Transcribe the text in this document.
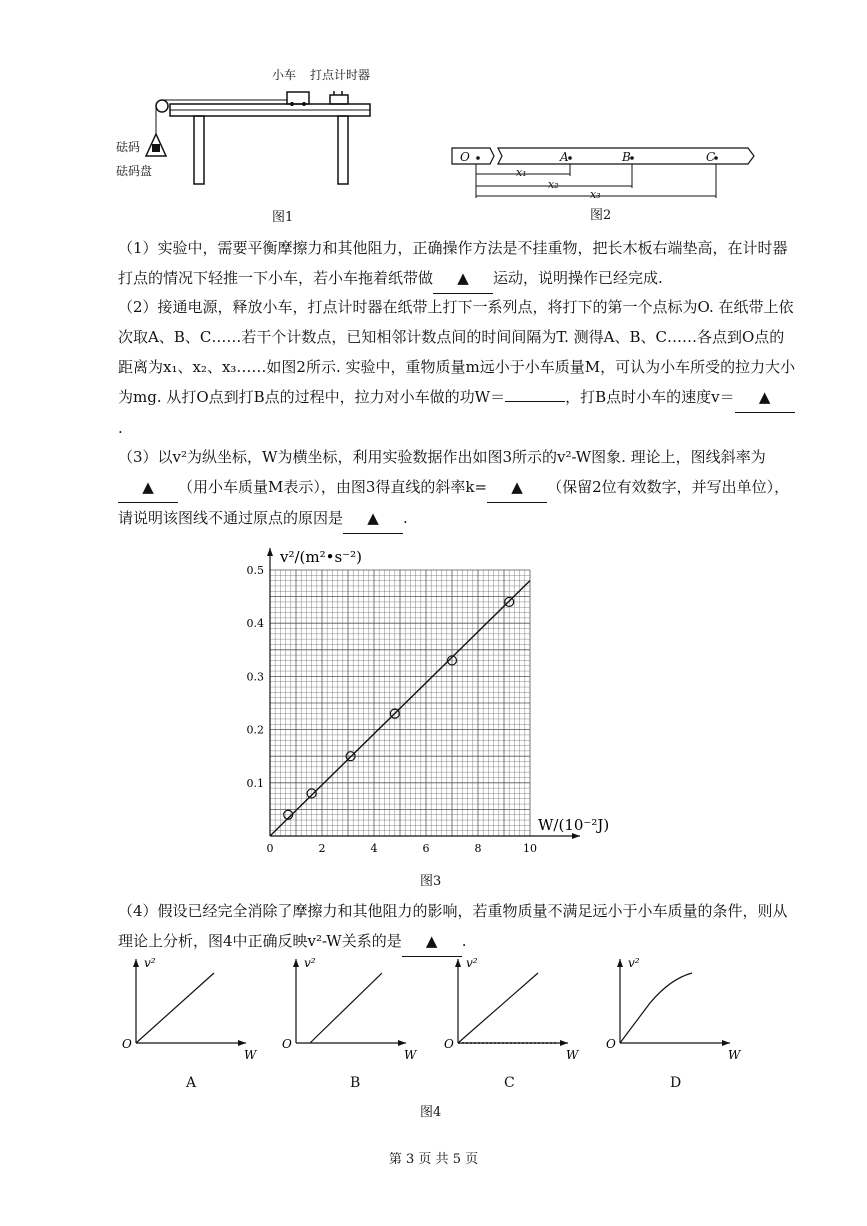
小车 打点计时器
砝码
砝码盘
图1
O	A	B	C
x₁
x₂
x₃
图2
（1）实验中，需要平衡摩擦力和其他阻力，正确操作方法是不挂重物，把长木板右端垫高，在计时器打点的情况下轻推一下小车，若小车拖着纸带做 ▲ 运动，说明操作已经完成.
（2）接通电源，释放小车，打点计时器在纸带上打下一系列点，将打下的第一个点标为O. 在纸带上依次取A、B、C……若干个计数点，已知相邻计数点间的时间间隔为T. 测得A、B、C……各点到O点的距离为x₁、x₂、x₃……如图2所示. 实验中，重物质量m远小于小车质量M，可认为小车所受的拉力大小为mg. 从打O点到打B点的过程中，拉力对小车做的功W＝	，打B点时小车的速度v＝ ▲.
（3）以v²为纵坐标，W为横坐标，利用实验数据作出如图3所示的v²-W图象. 理论上，图线斜率为▲ （用小车质量M表示），由图3得直线的斜率k= ▲ （保留2位有效数字，并写出单位），请说明该图线不通过原点的原因是 ▲ .
0	2	4	6	8	10
0.1
0.2
0.3
0.4
0.5
W/(10⁻²J)
v²/(m²•s⁻²)
图3
（4）假设已经完全消除了摩擦力和其他阻力的影响，若重物质量不满足远小于小车质量的条件，则从理论上分析，图4中正确反映v²-W关系的是 ▲ .
O
v²
W
O
v²
W
O
v²
W
O
v²
W
A	B	C	D
图4
第 3 页 共 5 页
